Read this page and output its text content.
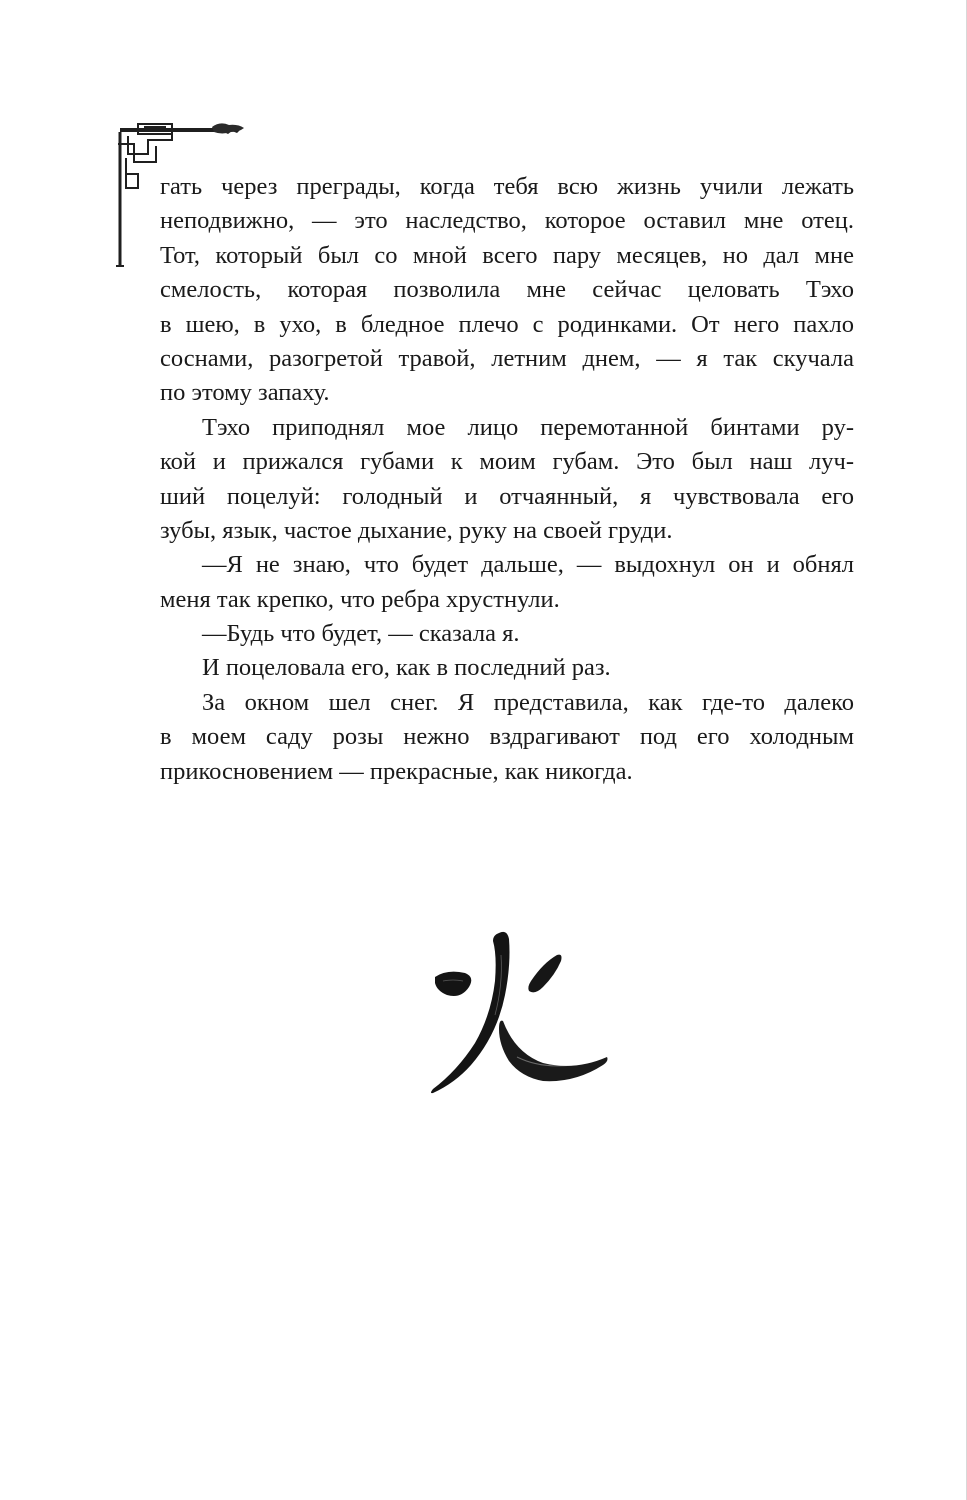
гать через преграды, когда тебя всю жизнь учили лежать
неподвижно, — это наследство, которое оставил мне отец.
Тот, который был со мной всего пару месяцев, но дал мне
смелость, которая позволила мне сейчас целовать Тэхо
в шею, в ухо, в бледное плечо с родинками. От него пахло
соснами, разогретой травой, летним днем, — я так скучала
по этому запаху.
Тэхо приподнял мое лицо перемотанной бинтами ру-
кой и прижался губами к моим губам. Это был наш луч-
ший поцелуй: голодный и отчаянный, я чувствовала его
зубы, язык, частое дыхание, руку на своей груди.
—Я не знаю, что будет дальше, — выдохнул он и обнял
меня так крепко, что ребра хрустнули.
—Будь что будет, — сказала я.
И поцеловала его, как в последний раз.
За окном шел снег. Я представила, как где-то далеко
в моем саду розы нежно вздрагивают под его холодным
прикосновением — прекрасные, как никогда.
